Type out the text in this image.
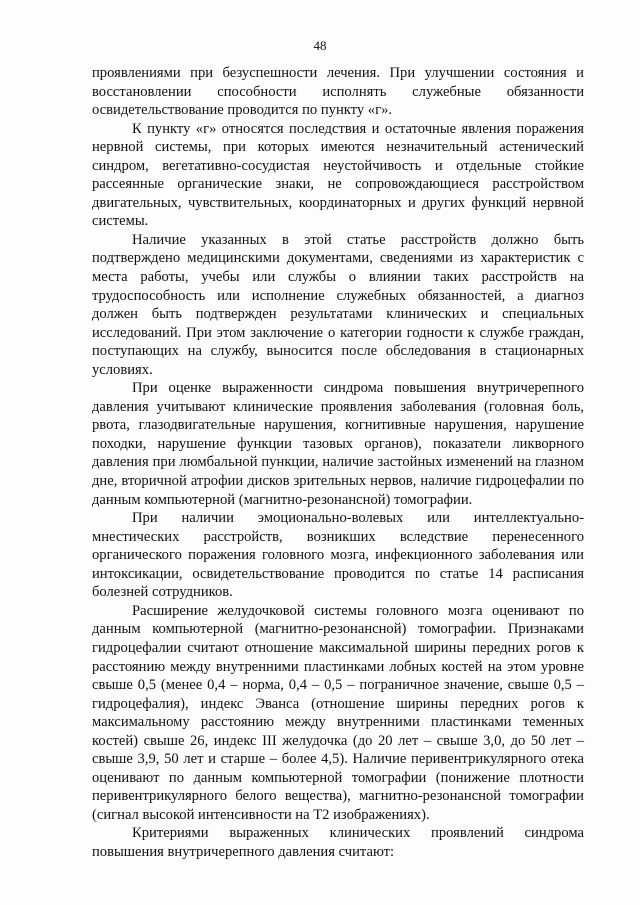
48

проявлениями при безуспешности лечения. При улучшении состояния и восстановлении способности исполнять служебные обязанности освидетельствование проводится по пункту «г».

К пункту «г» относятся последствия и остаточные явления поражения нервной системы, при которых имеются незначительный астенический синдром, вегетативно-сосудистая неустойчивость и отдельные стойкие рассеянные органические знаки, не сопровождающиеся расстройством двигательных, чувствительных, координаторных и других функций нервной системы.

Наличие указанных в этой статье расстройств должно быть подтверждено медицинскими документами, сведениями из характеристик с места работы, учебы или службы о влиянии таких расстройств на трудоспособность или исполнение служебных обязанностей, а диагноз должен быть подтвержден результатами клинических и специальных исследований. При этом заключение о категории годности к службе граждан, поступающих на службу, выносится после обследования в стационарных условиях.

При оценке выраженности синдрома повышения внутричерепного давления учитывают клинические проявления заболевания (головная боль, рвота, глазодвигательные нарушения, когнитивные нарушения, нарушение походки, нарушение функции тазовых органов), показатели ликворного давления при люмбальной пункции, наличие застойных изменений на глазном дне, вторичной атрофии дисков зрительных нервов, наличие гидроцефалии по данным компьютерной (магнитно-резонансной) томографии.

При наличии эмоционально-волевых или интеллектуально-мнестических расстройств, возникших вследствие перенесенного органического поражения головного мозга, инфекционного заболевания или интоксикации, освидетельствование проводится по статье 14 расписания болезней сотрудников.

Расширение желудочковой системы головного мозга оценивают по данным компьютерной (магнитно-резонансной) томографии. Признаками гидроцефалии считают отношение максимальной ширины передних рогов к расстоянию между внутренними пластинками лобных костей на этом уровне свыше 0,5 (менее 0,4 – норма, 0,4 – 0,5 – пограничное значение, свыше 0,5 – гидроцефалия), индекс Эванса (отношение ширины передних рогов к максимальному расстоянию между внутренними пластинками теменных костей) свыше 26, индекс III желудочка (до 20 лет – свыше 3,0, до 50 лет – свыше 3,9, 50 лет и старше – более 4,5). Наличие перивентрикулярного отека оценивают по данным компьютерной томографии (понижение плотности перивентрикулярного белого вещества), магнитно-резонансной томографии (сигнал высокой интенсивности на Т2 изображениях).

Критериями выраженных клинических проявлений синдрома повышения внутричерепного давления считают:
